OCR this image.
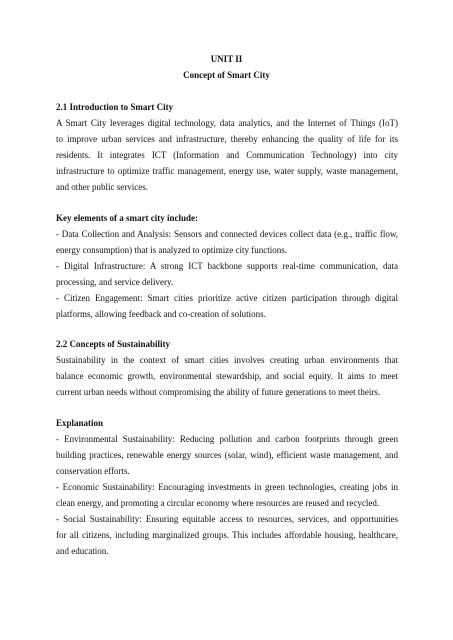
UNIT II

Concept of Smart City

2.1 Introduction to Smart City

A Smart City leverages digital technology, data analytics, and the Internet of Things (IoT)

to improve urban services and infrastructure, thereby enhancing the quality of life for its

residents. It integrates ICT (Information and Communication Technology) into city

infrastructure to optimize traffic management, energy use, water supply, waste management,

and other public services.

Key elements of a smart city include:

- Data Collection and Analysis: Sensors and connected devices collect data (e.g., traffic flow,

energy consumption) that is analyzed to optimize city functions.

- Digital Infrastructure: A strong ICT backbone supports real-time communication, data

processing, and service delivery.

- Citizen Engagement: Smart cities prioritize active citizen participation through digital

platforms, allowing feedback and co-creation of solutions.

2.2 Concepts of Sustainability

Sustainability in the context of smart cities involves creating urban environments that

balance economic growth, environmental stewardship, and social equity. It aims to meet

current urban needs without compromising the ability of future generations to meet theirs.

Explanation

- Environmental Sustainability: Reducing pollution and carbon footprints through green

building practices, renewable energy sources (solar, wind), efficient waste management, and

conservation efforts.

- Economic Sustainability: Encouraging investments in green technologies, creating jobs in

clean energy, and promoting a circular economy where resources are reused and recycled.

- Social Sustainability: Ensuring equitable access to resources, services, and opportunities

for all citizens, including marginalized groups. This includes affordable housing, healthcare,

and education.
